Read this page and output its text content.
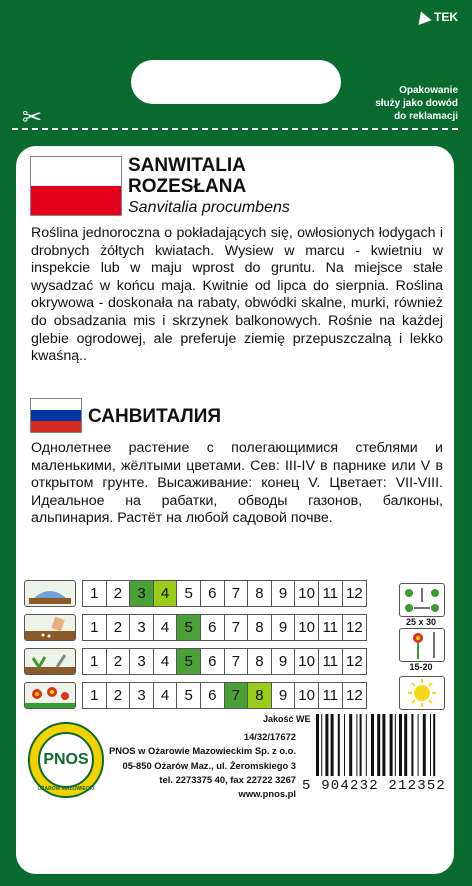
TEK
Opakowanie
służy jako dowód
do reklamacji
✂
SANWITALIA
ROZESŁANA
Sanvitalia procumbens
Roślina jednoroczna o pokładających się, owłosionych łodygach i drobnych żółtych kwiatach. Wysiew w marcu - kwietniu w inspekcie lub w maju wprost do gruntu. Na miejsce stałe wysadzać w końcu maja. Kwitnie od lipca do sierpnia. Roślina okrywowa - doskonała na rabaty, obwódki skalne, murki, również do obsadzania mis i skrzynek balkonowych. Rośnie na każdej glebie ogrodowej, ale preferuje ziemię przepuszczalną i lekko kwaśną..
САНВИТАЛИЯ
Однолетнее растение с полегающимися стеблями и маленькими, жёлтыми цветами. Сев: III-IV в парнике или V в открытом грунте. Высаживание: конец V. Цветает: VII-VIII. Идеальное на рабатки, обводы газонов, балконы, альпинария. Растёт на любой садовой почве.
1	2	3	4	5	6	7	8	9 10 11 12
1	2	3	4	5	6	7	8	9 10 11 12
1	2	3	4	5	6	7	8	9 10 11 12
1	2	3	4	5	6	7	8	9 10 11 12
25 x 30
15-20
PNOS
OŻARÓW MAZOWIECKI
Jakość WE
14/32/17672
PNOS w Ożarowie Mazowieckim Sp. z o.o.
05-850 Ożarów Maz., ul. Żeromskiego 3
tel. 2273375 40, fax 22722 3267
www.pnos.pl 5 904232 212352
